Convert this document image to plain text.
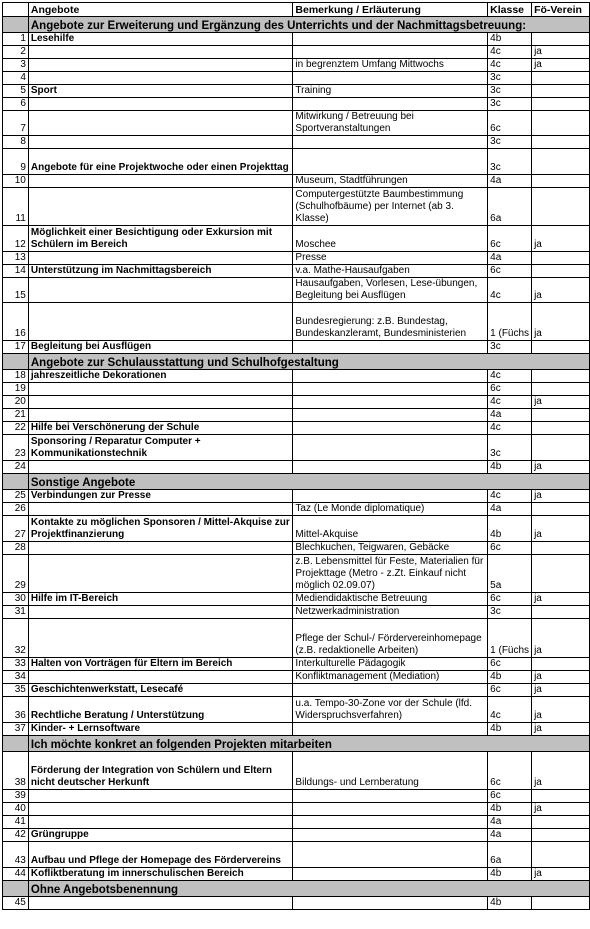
	Angebote	Bemerkung / Erläuterung	Klasse	Fö-Verein
	Angebote zur Erweiterung und Ergänzung des Unterrichts und der Nachmittagsbetreuung:			
1	Lesehilfe		4b	
2			4c	ja
3		in begrenztem Umfang Mittwochs	4c	ja
4			3c	
5	Sport	Training	3c	
6			3c	
7		Mitwirkung / Betreuung bei Sportveranstaltungen	6c	
8			3c	
9	Angebote für eine Projektwoche oder einen Projekttag		3c	
10		Museum, Stadtführungen	4a	
11		Computergestützte Baumbestimmung (Schulhofbäume) per Internet (ab 3. Klasse)	6a	
12	Möglichkeit einer Besichtigung oder Exkursion mit Schülern im Bereich	Moschee	6c	ja
13		Presse	4a	
14	Unterstützung im Nachmittagsbereich	v.a. Mathe-Hausaufgaben	6c	
15		Hausaufgaben, Vorlesen, Lese-übungen, Begleitung bei Ausflügen	4c	ja
16		Bundesregierung: z.B. Bundestag, Bundeskanzleramt, Bundesministerien	1 (Füchs	ja
17	Begleitung bei Ausflügen		3c	
	Angebote zur Schulausstattung und Schulhofgestaltung			
18	jahreszeitliche Dekorationen		4c	
19			6c	
20			4c	ja
21			4a	
22	Hilfe bei Verschönerung der Schule		4c	
23	Sponsoring / Reparatur Computer + Kommunikationstechnik		3c	
24			4b	ja
	Sonstige Angebote			
25	Verbindungen zur Presse		4c	ja
26		Taz (Le Monde diplomatique)	4a	
27	Kontakte zu möglichen Sponsoren / Mittel-Akquise zur Projektfinanzierung	Mittel-Akquise	4b	ja
28		Blechkuchen, Teigwaren, Gebäcke	6c	
29		z.B. Lebensmittel für Feste, Materialien für Projekttage (Metro - z.Zt. Einkauf nicht möglich 02.09.07)	5a	
30	Hilfe im IT-Bereich	Mediendidaktische Betreuung	6c	ja
31		Netzwerkadministration	3c	
32		Pflege der Schul-/ Fördervereinhomepage (z.B. redaktionelle Arbeiten)	1 (Füchs	ja
33	Halten von Vorträgen für Eltern im Bereich	Interkulturelle Pädagogik	6c	
34		Konfliktmanagement (Mediation)	4b	ja
35	Geschichtenwerkstatt, Lesecafé		6c	ja
36	Rechtliche Beratung / Unterstützung	u.a. Tempo-30-Zone vor der Schule (lfd. Widerspruchsverfahren)	4c	ja
37	Kinder- + Lernsoftware		4b	ja
	Ich möchte konkret an folgenden Projekten mitarbeiten			
38	Förderung der Integration von Schülern und Eltern nicht deutscher Herkunft	Bildungs- und Lernberatung	6c	ja
39			6c	
40			4b	ja
41			4a	
42	Grüngruppe		4a	
43	Aufbau und Pflege der Homepage des Fördervereins		6a	
44	Kofliktberatung im innerschulischen Bereich		4b	ja
	Ohne Angebotsbenennung			
45			4b	
